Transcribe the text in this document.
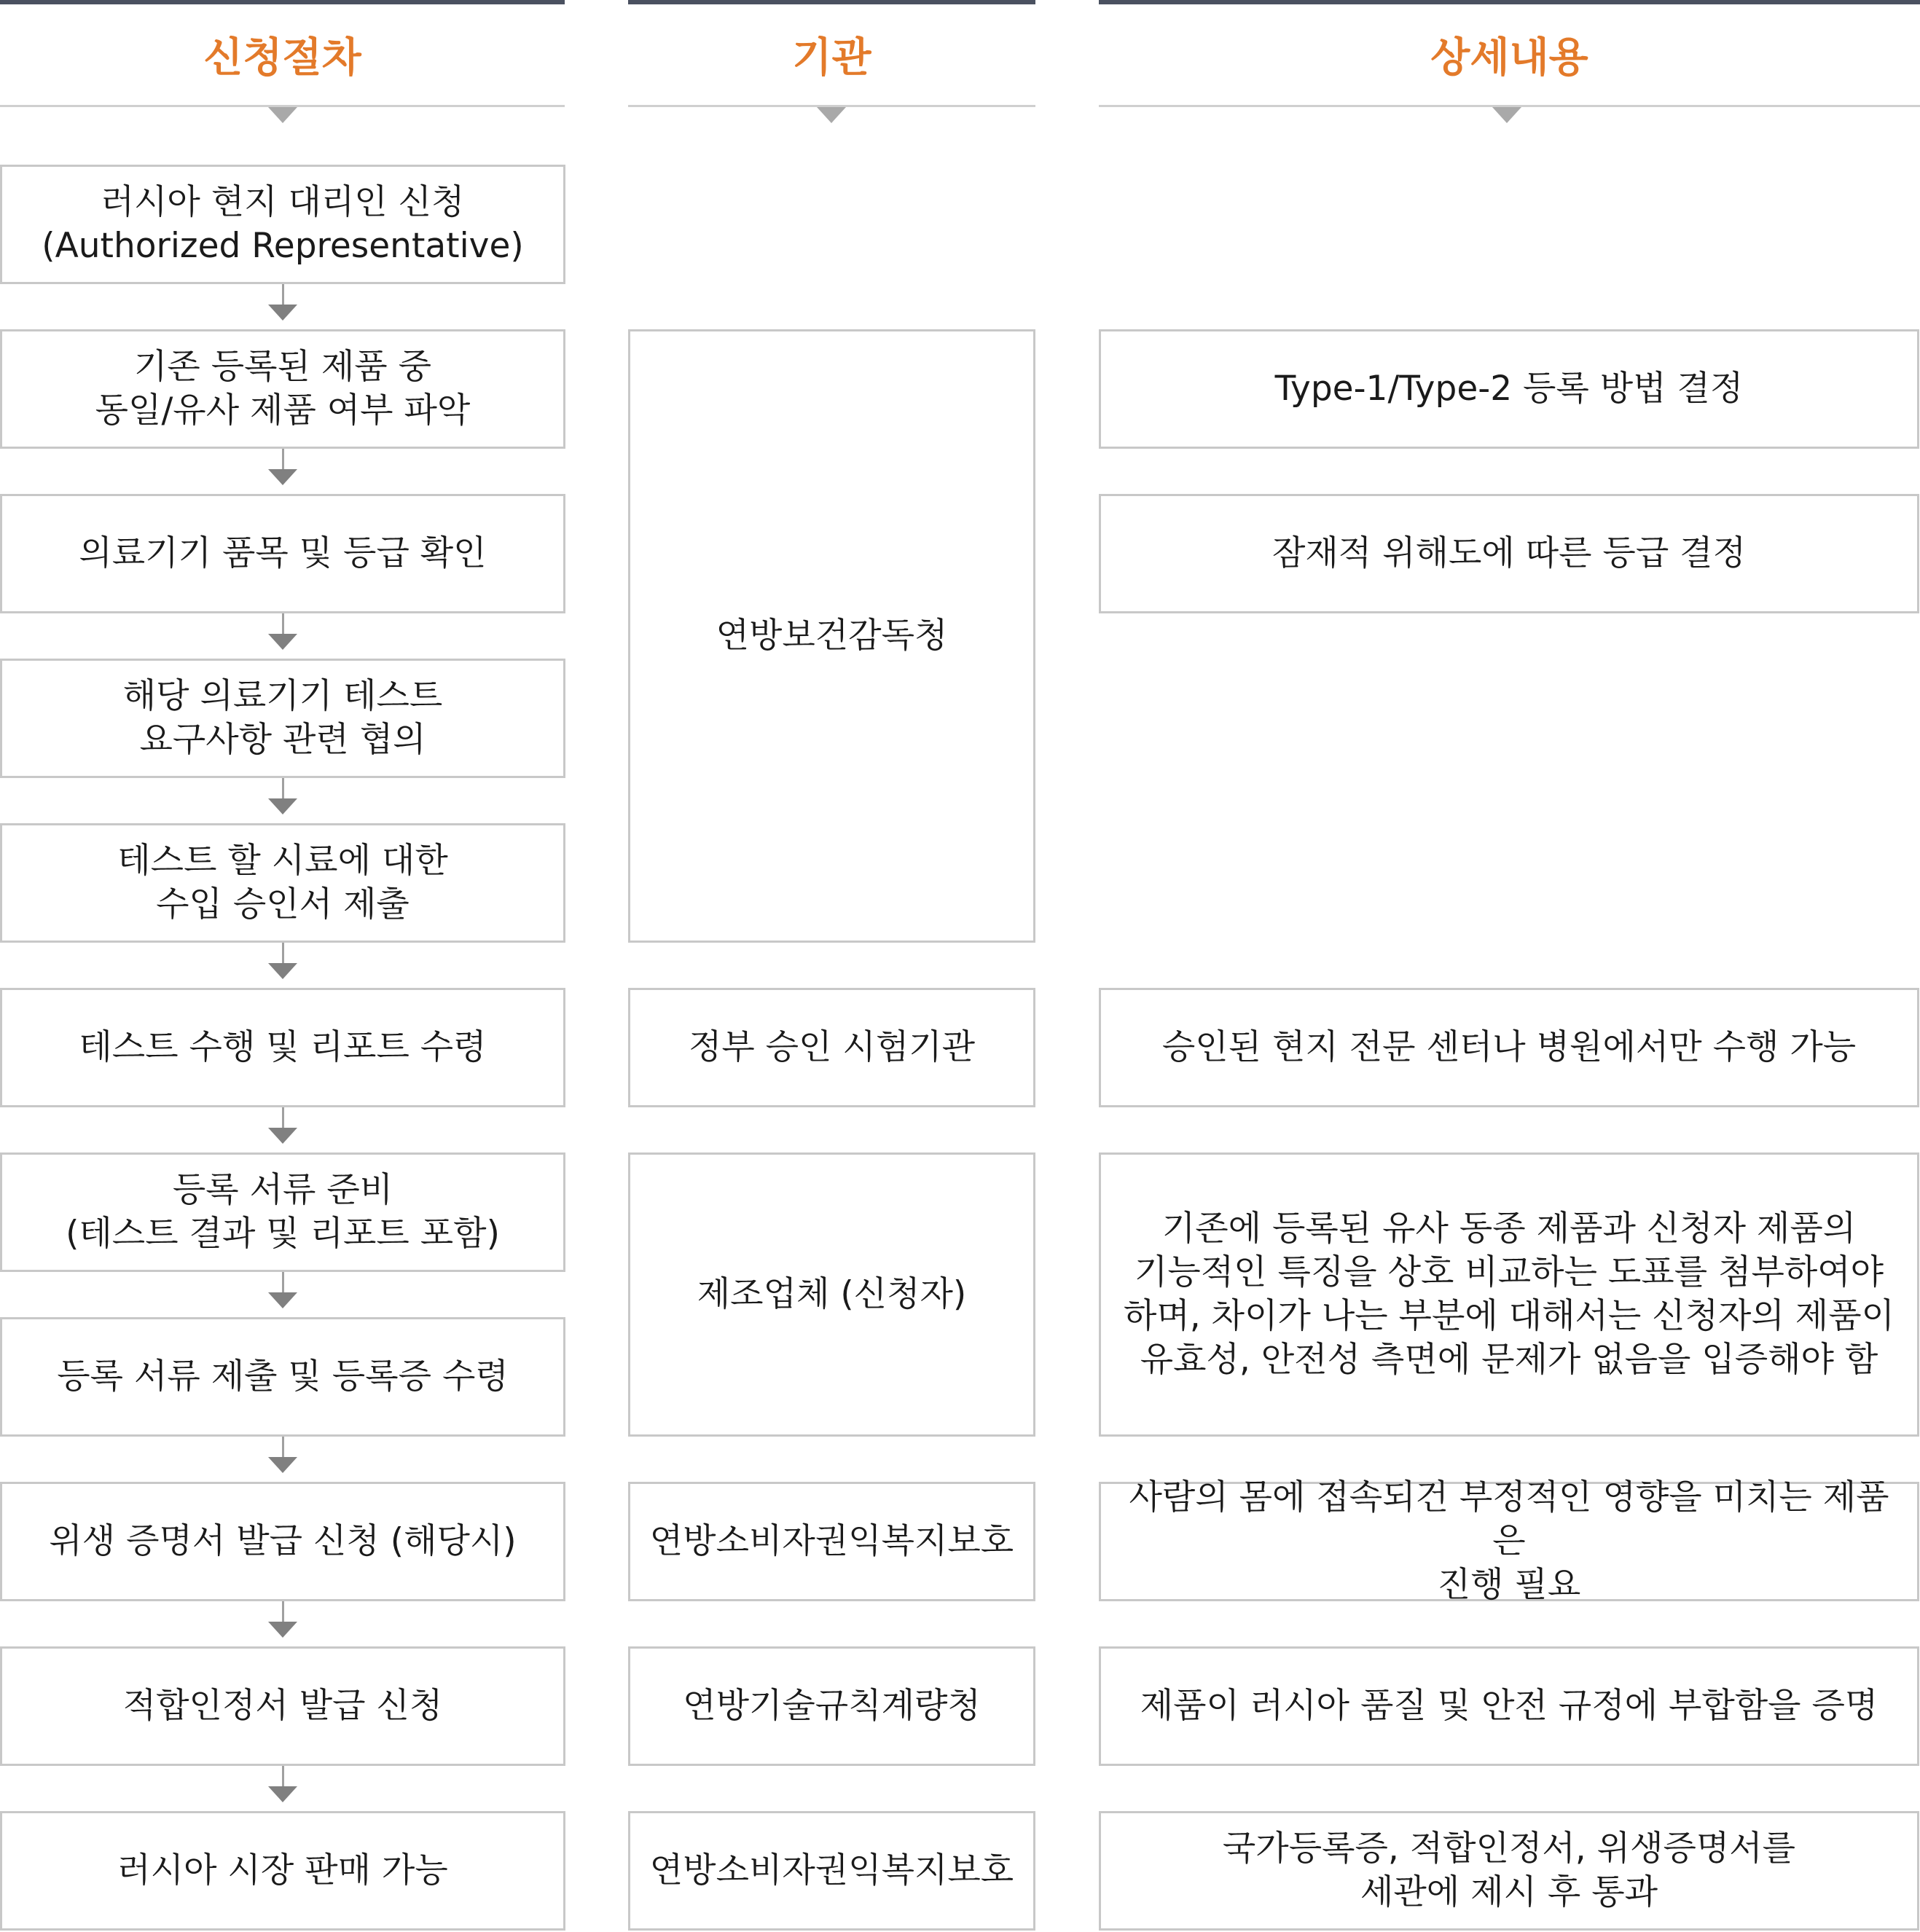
신청절차	기관	상세내용
러시아 현지 대리인 신청
(Authorized Representative)
기존 등록된 제품 중
동일/유사 제품 여부 파악
의료기기 품목 및 등급 확인
해당 의료기기 테스트
요구사항 관련 협의
테스트 할 시료에 대한
수입 승인서 제출
테스트 수행 및 리포트 수령
등록 서류 준비
(테스트 결과 및 리포트 포함)
등록 서류 제출 및 등록증 수령
위생 증명서 발급 신청 (해당시)
적합인정서 발급 신청
러시아 시장 판매 가능
연방보건감독청
정부 승인 시험기관
제조업체 (신청자)
연방소비자권익복지보호
연방기술규칙계량청
연방소비자권익복지보호
Type-1/Type-2 등록 방법 결정
잠재적 위해도에 따른 등급 결정
승인된 현지 전문 센터나 병원에서만 수행 가능
기존에 등록된 유사 동종 제품과 신청자 제품의
기능적인 특징을 상호 비교하는 도표를 첨부하여야
하며, 차이가 나는 부분에 대해서는 신청자의 제품이
유효성, 안전성 측면에 문제가 없음을 입증해야 함
사람의 몸에 접속되건 부정적인 영향을 미치는 제품은
진행 필요
제품이 러시아 품질 및 안전 규정에 부합함을 증명
국가등록증, 적합인정서, 위생증명서를
세관에 제시 후 통과
